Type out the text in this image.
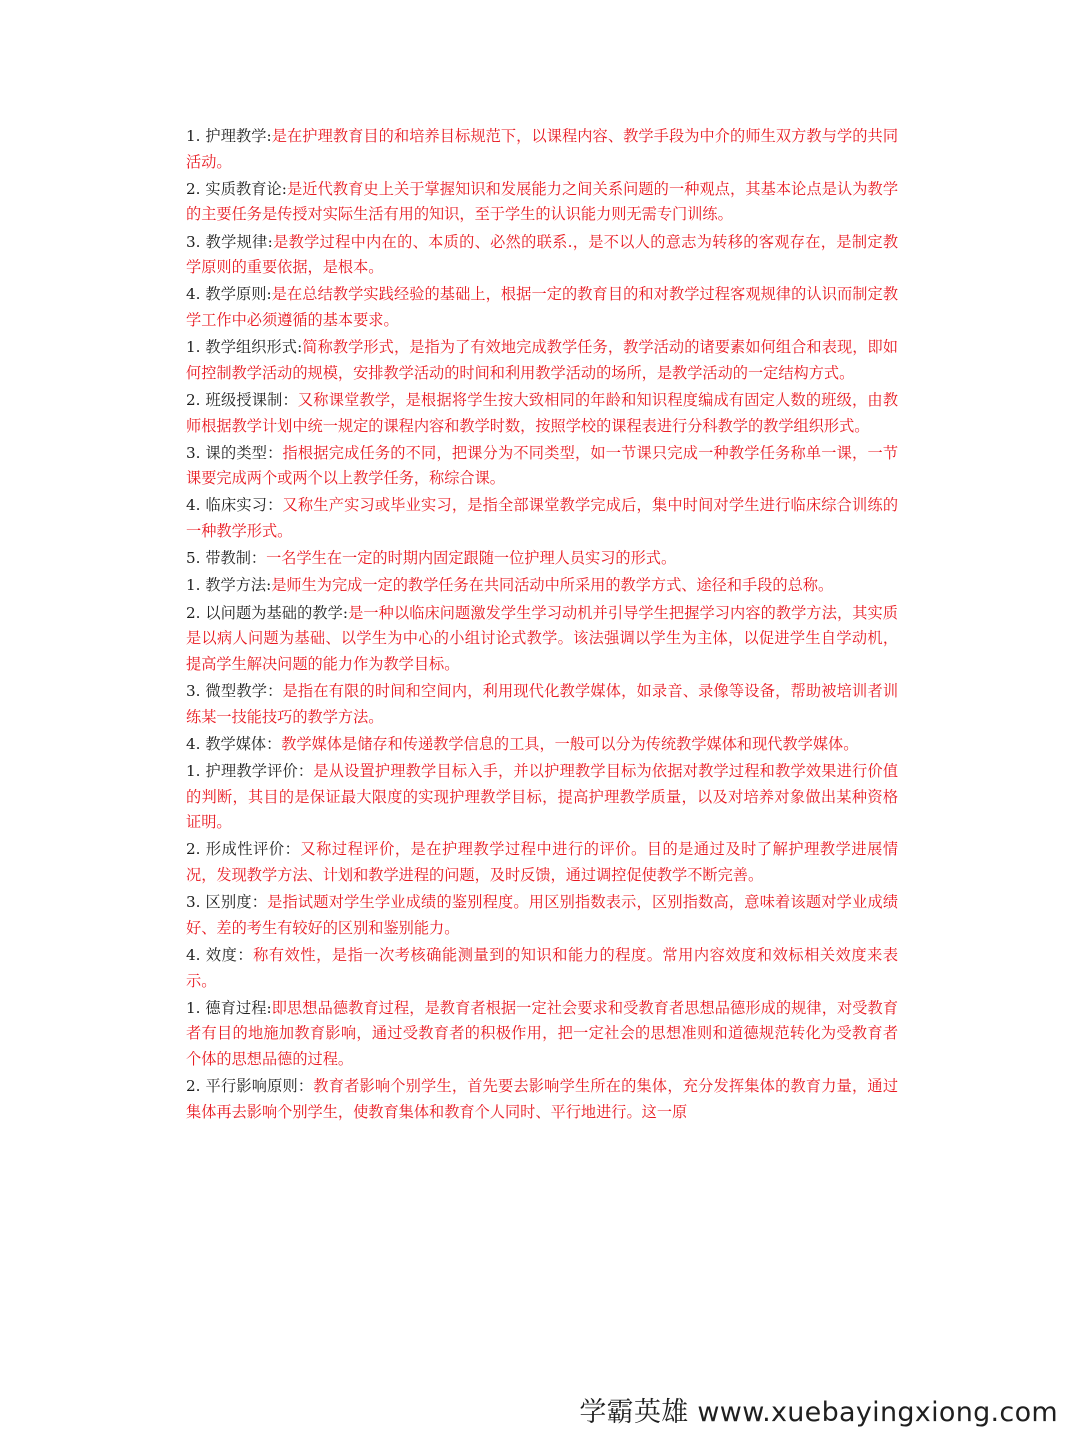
1. 护理教学:是在护理教育目的和培养目标规范下，以课程内容、教学手段为中介的师生双方教与学的共同活动。

2. 实质教育论:是近代教育史上关于掌握知识和发展能力之间关系问题的一种观点，其基本论点是认为教学的主要任务是传授对实际生活有用的知识，至于学生的认识能力则无需专门训练。

3. 教学规律:是教学过程中内在的、本质的、必然的联系.，是不以人的意志为转移的客观存在，是制定教学原则的重要依据，是根本。

4. 教学原则:是在总结教学实践经验的基础上，根据一定的教育目的和对教学过程客观规律的认识而制定教学工作中必须遵循的基本要求。

1. 教学组织形式:简称教学形式，是指为了有效地完成教学任务，教学活动的诸要素如何组合和表现，即如何控制教学活动的规模，安排教学活动的时间和利用教学活动的场所，是教学活动的一定结构方式。

2. 班级授课制：又称课堂教学，是根据将学生按大致相同的年龄和知识程度编成有固定人数的班级，由教师根据教学计划中统一规定的课程内容和教学时数，按照学校的课程表进行分科教学的教学组织形式。

3. 课的类型：指根据完成任务的不同，把课分为不同类型，如一节课只完成一种教学任务称单一课，一节课要完成两个或两个以上教学任务，称综合课。

4. 临床实习：又称生产实习或毕业实习，是指全部课堂教学完成后，集中时间对学生进行临床综合训练的一种教学形式。

5. 带教制：一名学生在一定的时期内固定跟随一位护理人员实习的形式。

1. 教学方法:是师生为完成一定的教学任务在共同活动中所采用的教学方式、途径和手段的总称。

2. 以问题为基础的教学:是一种以临床问题激发学生学习动机并引导学生把握学习内容的教学方法，其实质是以病人问题为基础、以学生为中心的小组讨论式教学。该法强调以学生为主体，以促进学生自学动机，提高学生解决问题的能力作为教学目标。

3. 微型教学：是指在有限的时间和空间内，利用现代化教学媒体，如录音、录像等设备，帮助被培训者训练某一技能技巧的教学方法。

4. 教学媒体：教学媒体是储存和传递教学信息的工具，一般可以分为传统教学媒体和现代教学媒体。

1. 护理教学评价：是从设置护理教学目标入手，并以护理教学目标为依据对教学过程和教学效果进行价值的判断，其目的是保证最大限度的实现护理教学目标，提高护理教学质量，以及对培养对象做出某种资格证明。

2. 形成性评价：又称过程评价，是在护理教学过程中进行的评价。目的是通过及时了解护理教学进展情况，发现教学方法、计划和教学进程的问题，及时反馈，通过调控促使教学不断完善。

3. 区别度：是指试题对学生学业成绩的鉴别程度。用区别指数表示，区别指数高，意味着该题对学业成绩好、差的考生有较好的区别和鉴别能力。

4. 效度：称有效性，是指一次考核确能测量到的知识和能力的程度。常用内容效度和效标相关效度来表示。

1. 德育过程:即思想品德教育过程，是教育者根据一定社会要求和受教育者思想品德形成的规律，对受教育者有目的地施加教育影响，通过受教育者的积极作用，把一定社会的思想准则和道德规范转化为受教育者个体的思想品德的过程。

2. 平行影响原则：教育者影响个别学生，首先要去影响学生所在的集体，充分发挥集体的教育力量，通过集体再去影响个别学生，使教育集体和教育个人同时、平行地进行。这一原

学霸英雄 www.xuebayingxiong.com
